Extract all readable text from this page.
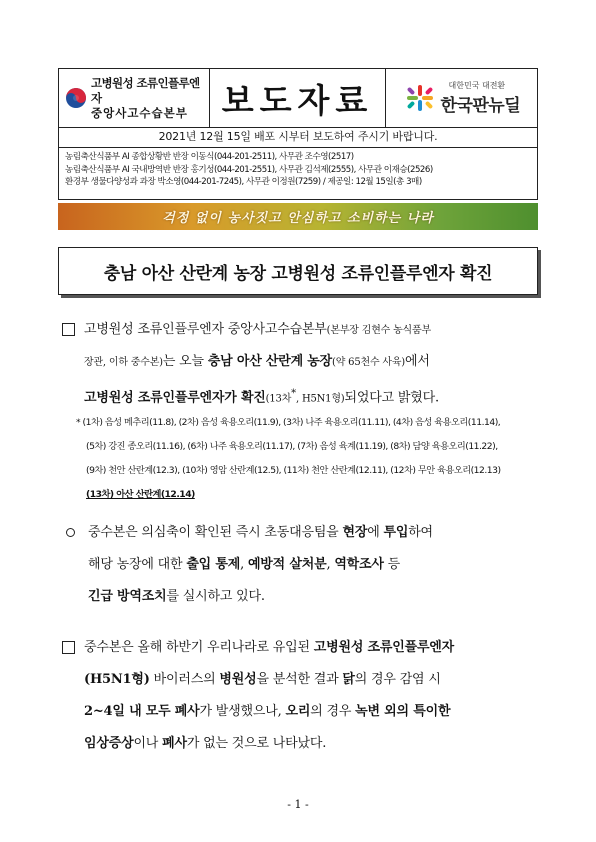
고병원성 조류인플루엔자
중앙사고수습본부	보도자료	대한민국 대전환
한국판뉴딜
2021년 12월 15일 배포 시부터 보도하여 주시기 바랍니다.
농림축산식품부 AI 종합상황반 반장 이동식(044-201-2511), 사무관 조수영(2517)
농림축산식품부 AI 국내방역반 반장 홍기성(044-201-2551), 사무관 김석제(2555), 사무관 이재승(2526)
환경부 생물다양성과 과장 박소영(044-201-7245), 사무관 이정원(7259) / 제공일: 12월 15일(총 3매)
걱정 없이 농사짓고 안심하고 소비하는 나라
충남 아산 산란계 농장 고병원성 조류인플루엔자 확진
고병원성 조류인플루엔자 중앙사고수습본부(본부장 김현수 농식품부
장관, 이하 중수본)는 오늘 충남 아산 산란계 농장(약 65천수 사육)에서
고병원성 조류인플루엔자가 확진(13차*, H5N1형)되었다고 밝혔다.
* (1차) 음성 메추리(11.8), (2차) 음성 육용오리(11.9), (3차) 나주 육용오리(11.11), (4차) 음성 육용오리(11.14),
(5차) 강진 종오리(11.16), (6차) 나주 육용오리(11.17), (7차) 음성 육계(11.19), (8차) 담양 육용오리(11.22),
(9차) 천안 산란계(12.3), (10차) 영암 산란계(12.5), (11차) 천안 산란계(12.11), (12차) 무안 육용오리(12.13)
(13차) 아산 산란계(12.14)
중수본은 의심축이 확인된 즉시 초동대응팀을 현장에 투입하여
해당 농장에 대한 출입 통제, 예방적 살처분, 역학조사 등
긴급 방역조치를 실시하고 있다.
중수본은 올해 하반기 우리나라로 유입된 고병원성 조류인플루엔자
(H5N1형) 바이러스의 병원성을 분석한 결과 닭의 경우 감염 시
2~4일 내 모두 폐사가 발생했으나, 오리의 경우 녹변 외의 특이한
임상증상이나 폐사가 없는 것으로 나타났다.
- 1 -
